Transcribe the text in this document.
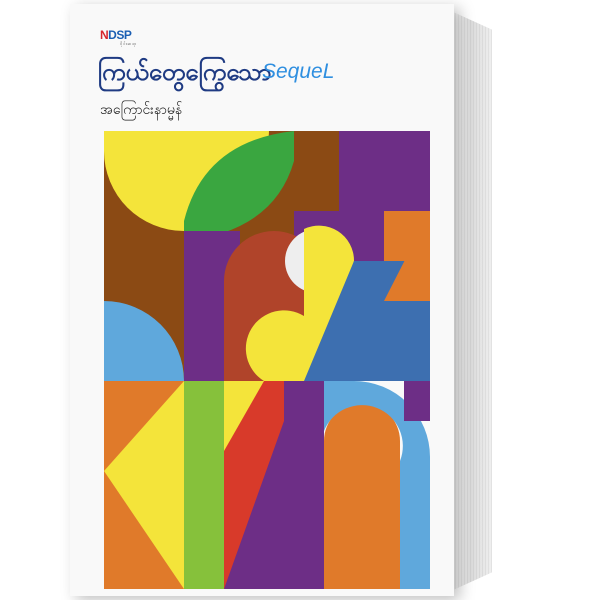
NDSP
ဝိုင်းဆရာ
ကြယ်တွေကြွေသော
SequeL
အကြောင်းနာမ္မန်
